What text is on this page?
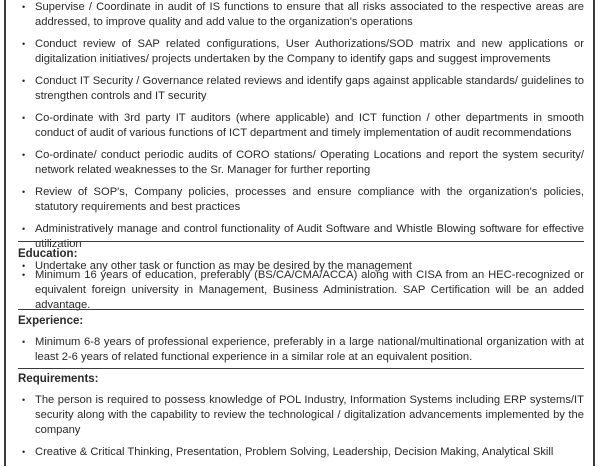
• Supervise / Coordinate in audit of IS functions to ensure that all risks associated to the respective areas are addressed, to improve quality and add value to the organization's operations
• Conduct review of SAP related configurations, User Authorizations/SOD matrix and new applications or digitalization initiatives/ projects undertaken by the Company to identify gaps and suggest improvements
• Conduct IT Security / Governance related reviews and identify gaps against applicable standards/ guidelines to strengthen controls and IT security
• Co-ordinate with 3rd party IT auditors (where applicable) and ICT function / other departments in smooth conduct of audit of various functions of ICT department and timely implementation of audit recommendations
• Co-ordinate/ conduct periodic audits of CORO stations/ Operating Locations and report the system security/ network related weaknesses to the Sr. Manager for further reporting
• Review of SOP's, Company policies, processes and ensure compliance with the organization's policies, statutory requirements and best practices
• Administratively manage and control functionality of Audit Software and Whistle Blowing software for effective utilization
• Undertake any other task or function as may be desired by the management
Education:
• Minimum 16 years of education, preferably (BS/CA/CMA/ACCA) along with CISA from an HEC-recognized or equivalent foreign university in Management, Business Administration. SAP Certification will be an added advantage.
Experience:
• Minimum 6-8 years of professional experience, preferably in a large national/multinational organization with at least 2-6 years of related functional experience in a similar role at an equivalent position.
Requirements:
• The person is required to possess knowledge of POL Industry, Information Systems including ERP systems/IT security along with the capability to review the technological / digitalization advancements implemented by the company
• Creative & Critical Thinking, Presentation, Problem Solving, Leadership, Decision Making, Analytical Skill
